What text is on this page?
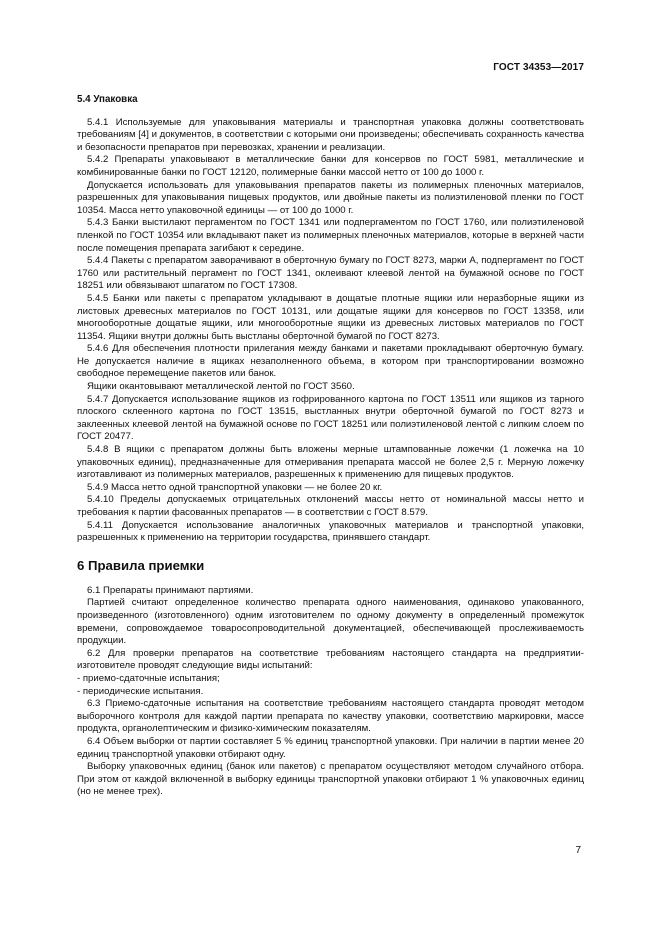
ГОСТ 34353—2017
5.4 Упаковка

5.4.1 Используемые для упаковывания материалы и транспортная упаковка должны соответствовать требованиям [4] и документов, в соответствии с которыми они произведены; обеспечивать сохранность качества и безопасности препаратов при перевозках, хранении и реализации.

5.4.2 Препараты упаковывают в металлические банки для консервов по ГОСТ 5981, металлические и комбинированные банки по ГОСТ 12120, полимерные банки массой нетто от 100 до 1000 г.

Допускается использовать для упаковывания препаратов пакеты из полимерных пленочных материалов, разрешенных для упаковывания пищевых продуктов, или двойные пакеты из полиэтиленовой пленки по ГОСТ 10354. Масса нетто упаковочной единицы — от 100 до 1000 г.

5.4.3 Банки выстилают пергаментом по ГОСТ 1341 или подпергаментом по ГОСТ 1760, или полиэтиленовой пленкой по ГОСТ 10354 или вкладывают пакет из полимерных пленочных материалов, которые в верхней части после помещения препарата загибают к середине.

5.4.4 Пакеты с препаратом заворачивают в оберточную бумагу по ГОСТ 8273, марки А, подпергамент по ГОСТ 1760 или растительный пергамент по ГОСТ 1341, оклеивают клеевой лентой на бумажной основе по ГОСТ 18251 или обвязывают шпагатом по ГОСТ 17308.

5.4.5 Банки или пакеты с препаратом укладывают в дощатые плотные ящики или неразборные ящики из листовых древесных материалов по ГОСТ 10131, или дощатые ящики для консервов по ГОСТ 13358, или многооборотные дощатые ящики, или многооборотные ящики из древесных листовых материалов по ГОСТ 11354. Ящики внутри должны быть выстланы оберточной бумагой по ГОСТ 8273.

5.4.6 Для обеспечения плотности прилегания между банками и пакетами прокладывают оберточную бумагу. Не допускается наличие в ящиках незаполненного объема, в котором при транспортировании возможно свободное перемещение пакетов или банок.

Ящики окантовывают металлической лентой по ГОСТ 3560.

5.4.7 Допускается использование ящиков из гофрированного картона по ГОСТ 13511 или ящиков из тарного плоского склеенного картона по ГОСТ 13515, выстланных внутри оберточной бумагой по ГОСТ 8273 и заклеенных клеевой лентой на бумажной основе по ГОСТ 18251 или полиэтиленовой лентой с липким слоем по ГОСТ 20477.

5.4.8 В ящики с препаратом должны быть вложены мерные штампованные ложечки (1 ложечка на 10 упаковочных единиц), предназначенные для отмеривания препарата массой не более 2,5 г. Мерную ложечку изготавливают из полимерных материалов, разрешенных к применению для пищевых продуктов.

5.4.9 Масса нетто одной транспортной упаковки — не более 20 кг.

5.4.10 Пределы допускаемых отрицательных отклонений массы нетто от номинальной массы нетто и требования к партии фасованных препаратов — в соответствии с ГОСТ 8.579.

5.4.11 Допускается использование аналогичных упаковочных материалов и транспортной упаковки, разрешенных к применению на территории государства, принявшего стандарт.

6 Правила приемки

6.1 Препараты принимают партиями.

Партией считают определенное количество препарата одного наименования, одинаково упакованного, произведенного (изготовленного) одним изготовителем по одному документу в определенный промежуток времени, сопровождаемое товаросопроводительной документацией, обеспечивающей прослеживаемость продукции.

6.2 Для проверки препаратов на соответствие требованиям настоящего стандарта на предприятии-изготовителе проводят следующие виды испытаний:

- приемо-сдаточные испытания;

- периодические испытания.

6.3 Приемо-сдаточные испытания на соответствие требованиям настоящего стандарта проводят методом выборочного контроля для каждой партии препарата по качеству упаковки, соответствию маркировки, массе продукта, органолептическим и физико-химическим показателям.

6.4 Объем выборки от партии составляет 5 % единиц транспортной упаковки. При наличии в партии менее 20 единиц транспортной упаковки отбирают одну.

Выборку упаковочных единиц (банок или пакетов) с препаратом осуществляют методом случайного отбора. При этом от каждой включенной в выборку единицы транспортной упаковки отбирают 1 % упаковочных единиц (но не менее трех).

7
